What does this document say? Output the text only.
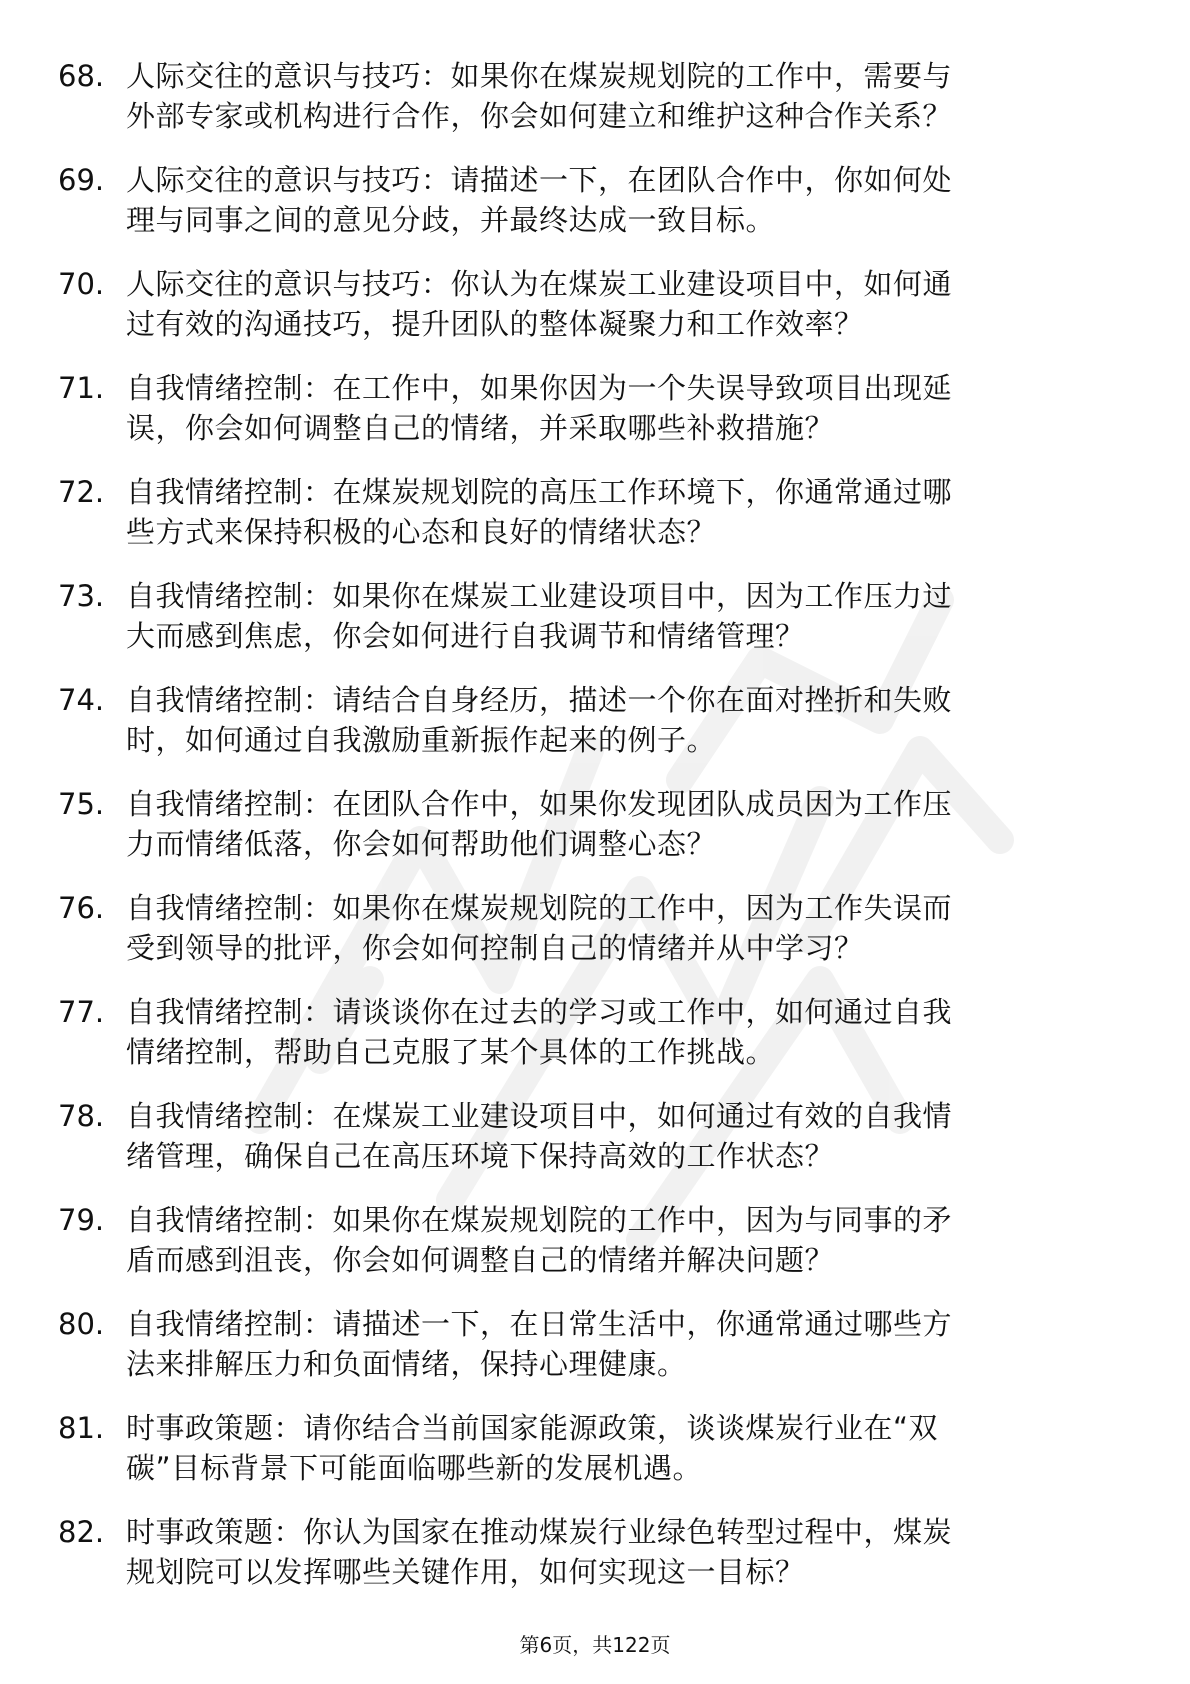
68. 人际交往的意识与技巧：如果你在煤炭规划院的工作中，需要与
外部专家或机构进行合作，你会如何建立和维护这种合作关系？
69. 人际交往的意识与技巧：请描述一下，在团队合作中，你如何处
理与同事之间的意见分歧，并最终达成一致目标。
70. 人际交往的意识与技巧：你认为在煤炭工业建设项目中，如何通
过有效的沟通技巧，提升团队的整体凝聚力和工作效率？
71. 自我情绪控制：在工作中，如果你因为一个失误导致项目出现延
误，你会如何调整自己的情绪，并采取哪些补救措施？
72. 自我情绪控制：在煤炭规划院的高压工作环境下，你通常通过哪
些方式来保持积极的心态和良好的情绪状态？
73. 自我情绪控制：如果你在煤炭工业建设项目中，因为工作压力过
大而感到焦虑，你会如何进行自我调节和情绪管理？
74. 自我情绪控制：请结合自身经历，描述一个你在面对挫折和失败
时，如何通过自我激励重新振作起来的例子。
75. 自我情绪控制：在团队合作中，如果你发现团队成员因为工作压
力而情绪低落，你会如何帮助他们调整心态？
76. 自我情绪控制：如果你在煤炭规划院的工作中，因为工作失误而
受到领导的批评，你会如何控制自己的情绪并从中学习？
77. 自我情绪控制：请谈谈你在过去的学习或工作中，如何通过自我
情绪控制，帮助自己克服了某个具体的工作挑战。
78. 自我情绪控制：在煤炭工业建设项目中，如何通过有效的自我情
绪管理，确保自己在高压环境下保持高效的工作状态？
79. 自我情绪控制：如果你在煤炭规划院的工作中，因为与同事的矛
盾而感到沮丧，你会如何调整自己的情绪并解决问题？
80. 自我情绪控制：请描述一下，在日常生活中，你通常通过哪些方
法来排解压力和负面情绪，保持心理健康。
81. 时事政策题：请你结合当前国家能源政策，谈谈煤炭行业在“双
碳”目标背景下可能面临哪些新的发展机遇。
82. 时事政策题：你认为国家在推动煤炭行业绿色转型过程中，煤炭
规划院可以发挥哪些关键作用，如何实现这一目标？
第6页，共122页
